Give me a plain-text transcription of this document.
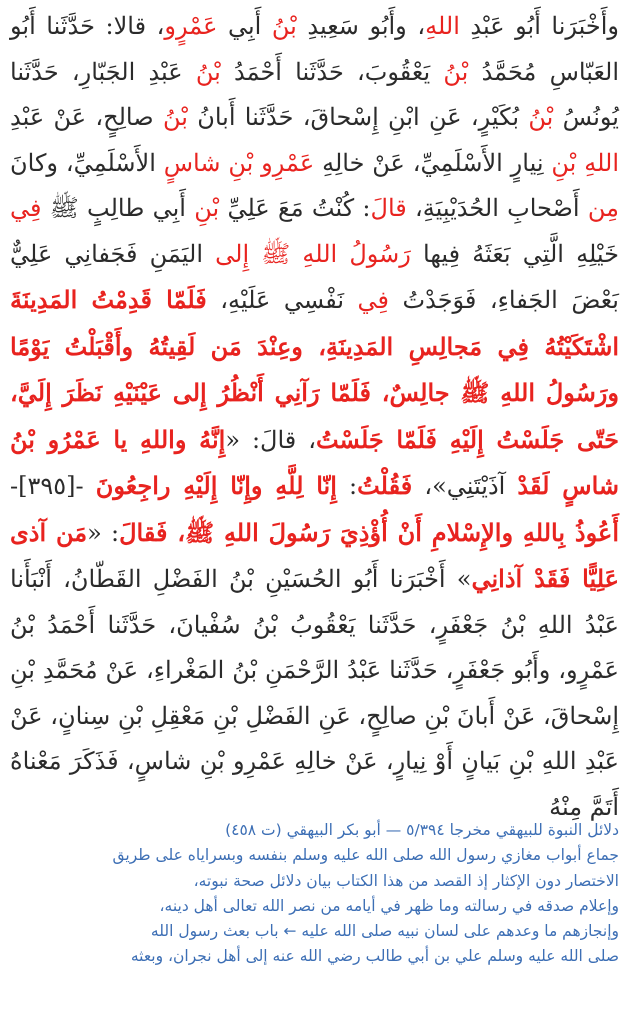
وأَخْبَرَنا أَبُو عَبْدِ اللهِ، وأَبُو سَعِيدِ بْنُ أَبِي عَمْرٍو، قالا: حَدَّثَنا أَبُو العَبّاسِ مُحَمَّدُ بْنُ يَعْقُوبَ، حَدَّثَنا أَحْمَدُ بْنُ عَبْدِ الجَبّارِ، حَدَّثَنا يُونُسُ بْنُ بُكَيْرٍ، عَنِ ابْنِ إِسْحاقَ، حَدَّثَنا أَبانُ بْنُ صالِحٍ، عَنْ عَبْدِ اللهِ بْنِ نِيارٍ الأَسْلَمِيِّ، عَنْ خالِهِ عَمْرِو بْنِ شاسٍ الأَسْلَمِيِّ، وكانَ مِن أَصْحابِ الحُدَيْبِيَةِ، قالَ: كُنْتُ مَعَ عَلِيِّ بْنِ أَبِي طالِبٍ ﷺ فِي خَيْلِهِ الَّتِي بَعَثَهُ فِيها رَسُولُ اللهِ ﷺ إِلى اليَمَنِ فَجَفانِي عَلِيٌّ بَعْضَ الجَفاءِ، فَوَجَدْتُ فِي نَفْسِي عَلَيْهِ، فَلَمّا قَدِمْتُ المَدِينَةَ اشْتَكَيْتُهُ فِي مَجالِسِ المَدِينَةِ، وعِنْدَ مَن لَقِيتُهُ وأَقْبَلْتُ يَوْمًا ورَسُولُ اللهِ ﷺ جالِسٌ، فَلَمّا رَآنِي أَنْظُرُ إِلى عَيْنَيْهِ نَظَرَ إِلَيَّ، حَتّى جَلَسْتُ إِلَيْهِ فَلَمّا جَلَسْتُ، قالَ: «إِنَّهُ واللهِ يا عَمْرُو بْنُ شاسٍ لَقَدْ آذَيْتَنِي»، فَقُلْتُ: إِنّا لِلَّهِ وإِنّا إِلَيْهِ راجِعُونَ -[٣٩٥]- أَعُوذُ بِاللهِ والإِسْلامِ أَنْ أُؤْذِيَ رَسُولَ اللهِ ﷺ، فَقالَ: «مَن آذى عَلِيًّا فَقَدْ آذانِي» أَخْبَرَنا أَبُو الحُسَيْنِ بْنُ الفَضْلِ القَطّانُ، أَنْبَأَنا عَبْدُ اللهِ بْنُ جَعْفَرٍ، حَدَّثَنا يَعْقُوبُ بْنُ سُفْيانَ، حَدَّثَنا أَحْمَدُ بْنُ عَمْرٍو، وأَبُو جَعْفَرٍ، حَدَّثَنا عَبْدُ الرَّحْمَنِ بْنُ المَغْراءِ، عَنْ مُحَمَّدِ بْنِ إِسْحاقَ، عَنْ أَبانَ بْنِ صالِحٍ، عَنِ الفَضْلِ بْنِ مَعْقِلِ بْنِ سِنانٍ، عَنْ عَبْدِ اللهِ بْنِ بَيانٍ أَوْ نِيارٍ، عَنْ خالِهِ عَمْرِو بْنِ شاسٍ، فَذَكَرَ مَعْناهُ أَتَمَّ مِنْهُ

دلائل النبوة للبيهقي مخرجا ٥/٣٩٤ — أبو بكر البيهقي (ت ٤٥٨)
جماع أبواب مغازي رسول الله صلى الله عليه وسلم بنفسه وبسراياه على طريق
الاختصار دون الإكثار إذ القصد من هذا الكتاب بيان دلائل صحة نبوته،
وإعلام صدقه في رسالته وما ظهر في أيامه من نصر الله تعالى أهل دينه،
وإنجازهم ما وعدهم على لسان نبيه صلى الله عليه ← باب بعث رسول الله
صلى الله عليه وسلم علي بن أبي طالب رضي الله عنه إلى أهل نجران، وبعثه
